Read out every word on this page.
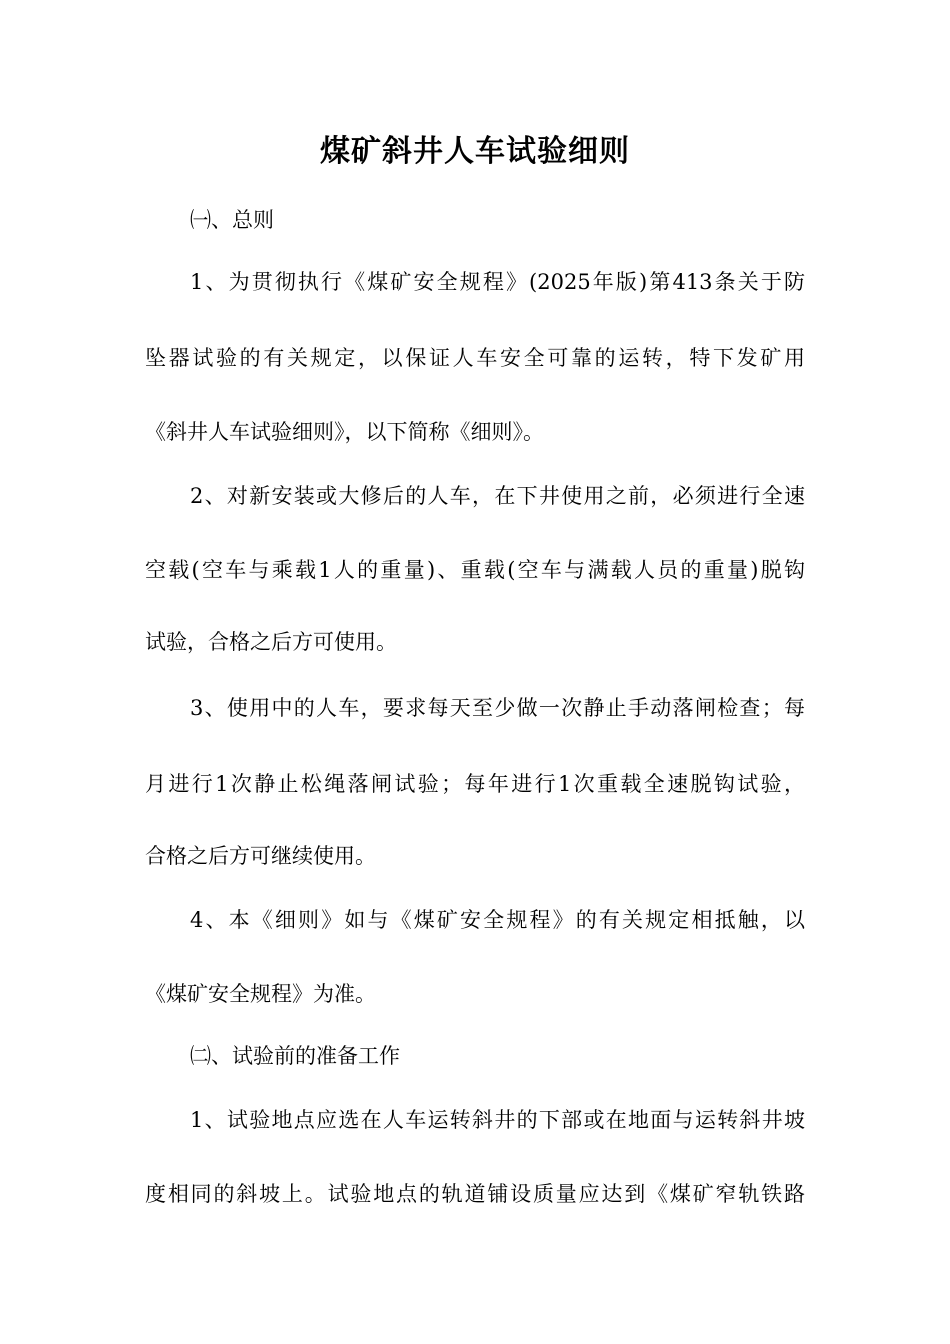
煤矿斜井人车试验细则
㈠、总则
1、为贯彻执行《煤矿安全规程》(2025年版)第413条关于防
坠器试验的有关规定，以保证人车安全可靠的运转，特下发矿用
《斜井人车试验细则》，以下简称《细则》。
2、对新安装或大修后的人车，在下井使用之前，必须进行全速
空载(空车与乘载1人的重量)、重载(空车与满载人员的重量)脱钩
试验，合格之后方可使用。
3、使用中的人车，要求每天至少做一次静止手动落闸检查；每
月进行1次静止松绳落闸试验；每年进行1次重载全速脱钩试验，
合格之后方可继续使用。
4、本《细则》如与《煤矿安全规程》的有关规定相抵触，以
《煤矿安全规程》为准。
㈡、试验前的准备工作
1、试验地点应选在人车运转斜井的下部或在地面与运转斜井坡
度相同的斜坡上。试验地点的轨道铺设质量应达到《煤矿窄轨铁路
